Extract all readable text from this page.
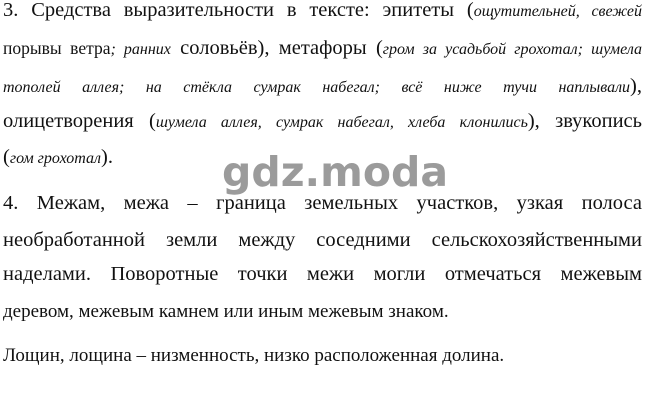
3. Средства выразительности в тексте: эпитеты (ощутительней, свежей
порывы ветра; ранних соловьёв), метафоры (гром за усадьбой грохотал; шумела
тополей аллея; на стёкла сумрак набегал; всё ниже тучи наплывали),
олицетворения (шумела аллея, сумрак набегал, хлеба клонились), звукопись
(гом грохотал).	gdz.moda
4. Межам, межа – граница земельных участков, узкая полоса
необработанной земли между соседними сельскохозяйственными
наделами. Поворотные точки межи могли отмечаться межевым
деревом, межевым камнем или иным межевым знаком.
Лощин, лощина – низменность, низко расположенная долина.
